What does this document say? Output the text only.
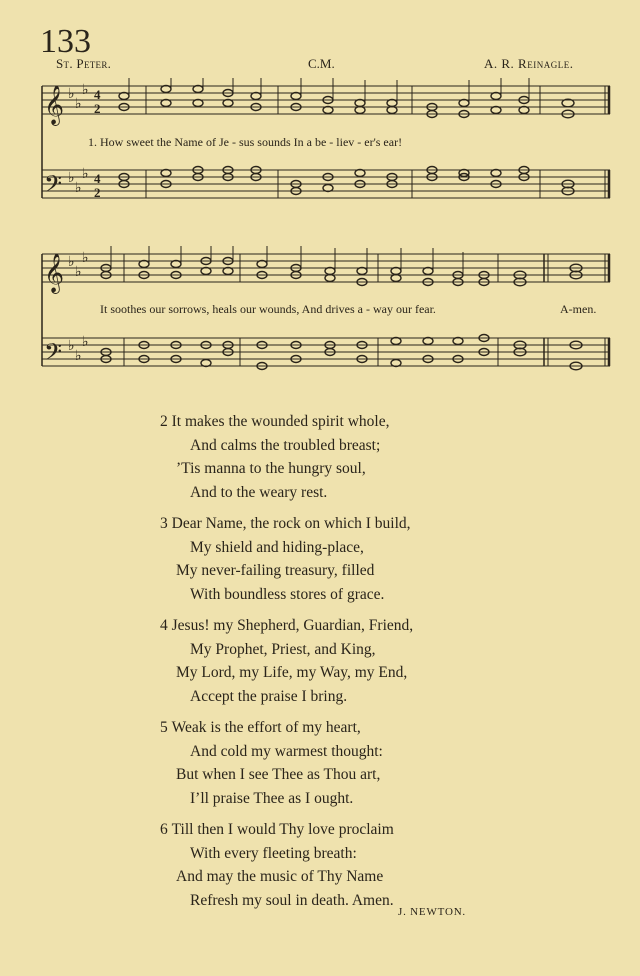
133
St. Peter.	C.M.	A. R. Reinagle.
𝄞
𝄢
♭
♭
♭
♭
♭
♭
4
2
4
2
1. How sweet the Name of Je - sus sounds In a be - liev - er's ear!
𝄞
𝄢
♭
♭
♭
♭
♭
♭
It soothes our sorrows, heals our wounds, And drives a - way our fear.	A-men.
2 It makes the wounded spirit whole,
And calms the troubled breast;
’Tis manna to the hungry soul,
And to the weary rest.
3 Dear Name, the rock on which I build,
My shield and hiding-place,
My never-failing treasury, filled
With boundless stores of grace.
4 Jesus! my Shepherd, Guardian, Friend,
My Prophet, Priest, and King,
My Lord, my Life, my Way, my End,
Accept the praise I bring.
5 Weak is the effort of my heart,
And cold my warmest thought:
But when I see Thee as Thou art,
I’ll praise Thee as I ought.
6 Till then I would Thy love proclaim
With every fleeting breath:
And may the music of Thy Name
Refresh my soul in death. Amen.
J. NEWTON.
